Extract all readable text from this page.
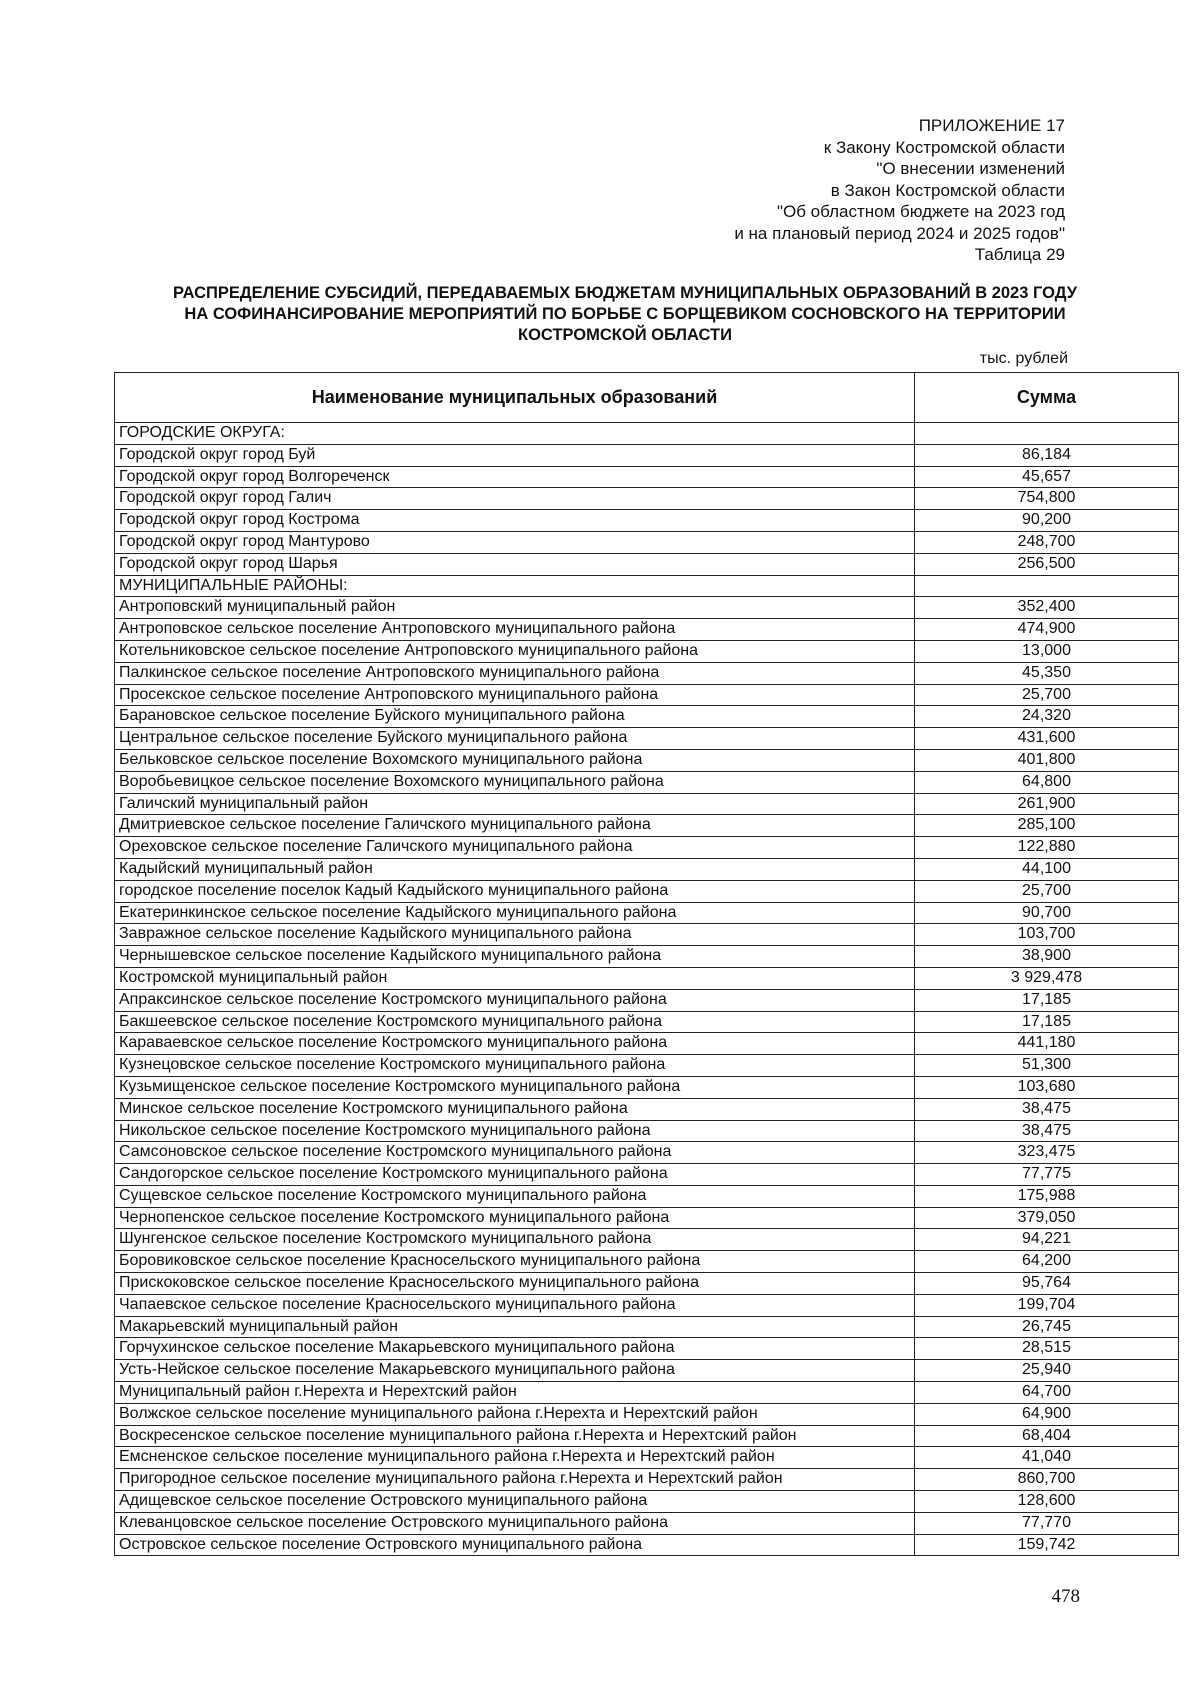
ПРИЛОЖЕНИЕ 17
к Закону Костромской области
"О внесении изменений
в Закон Костромской области
"Об областном бюджете на 2023 год
и на плановый период 2024 и 2025 годов"
Таблица 29
РАСПРЕДЕЛЕНИЕ СУБСИДИЙ, ПЕРЕДАВАЕМЫХ БЮДЖЕТАМ МУНИЦИПАЛЬНЫХ ОБРАЗОВАНИЙ В 2023 ГОДУ
НА СОФИНАНСИРОВАНИЕ МЕРОПРИЯТИЙ ПО БОРЬБЕ С БОРЩЕВИКОМ СОСНОВСКОГО НА ТЕРРИТОРИИ
КОСТРОМСКОЙ ОБЛАСТИ
тыс. рублей
Наименование муниципальных образований	Сумма
ГОРОДСКИЕ ОКРУГА:	
Городской округ город Буй	86,184
Городской округ город Волгореченск	45,657
Городской округ город Галич	754,800
Городской округ город Кострома	90,200
Городской округ город Мантурово	248,700
Городской округ город Шарья	256,500
МУНИЦИПАЛЬНЫЕ РАЙОНЫ:	
Антроповский муниципальный район	352,400
Антроповское сельское поселение Антроповского муниципального района	474,900
Котельниковское сельское поселение Антроповского муниципального района	13,000
Палкинское сельское поселение Антроповского муниципального района	45,350
Просекское сельское поселение Антроповского муниципального района	25,700
Барановское сельское поселение Буйского муниципального района	24,320
Центральное сельское поселение Буйского муниципального района	431,600
Бельковское сельское поселение Вохомского муниципального района	401,800
Воробьевицкое сельское поселение Вохомского муниципального района	64,800
Галичский муниципальный район	261,900
Дмитриевское сельское поселение Галичского муниципального района	285,100
Ореховское сельское поселение Галичского муниципального района	122,880
Кадыйский муниципальный район	44,100
городское поселение поселок Кадый Кадыйского муниципального района	25,700
Екатеринкинское сельское поселение Кадыйского муниципального района	90,700
Завражное сельское поселение Кадыйского муниципального района	103,700
Чернышевское сельское поселение Кадыйского муниципального района	38,900
Костромской муниципальный район	3 929,478
Апраксинское сельское поселение Костромского муниципального района	17,185
Бакшеевское сельское поселение Костромского муниципального района	17,185
Караваевское сельское поселение Костромского муниципального района	441,180
Кузнецовское сельское поселение Костромского муниципального района	51,300
Кузьмищенское сельское поселение Костромского муниципального района	103,680
Минское сельское поселение Костромского муниципального района	38,475
Никольское сельское поселение Костромского муниципального района	38,475
Самсоновское сельское поселение Костромского муниципального района	323,475
Сандогорское сельское поселение Костромского муниципального района	77,775
Сущевское сельское поселение Костромского муниципального района	175,988
Чернопенское сельское поселение Костромского муниципального района	379,050
Шунгенское сельское поселение Костромского муниципального района	94,221
Боровиковское сельское поселение Красносельского муниципального района	64,200
Прискоковское сельское поселение Красносельского муниципального района	95,764
Чапаевское сельское поселение Красносельского муниципального района	199,704
Макарьевский муниципальный район	26,745
Горчухинское сельское поселение Макарьевского муниципального района	28,515
Усть-Нейское сельское поселение Макарьевского муниципального района	25,940
Муниципальный район г.Нерехта и Нерехтский район	64,700
Волжское сельское поселение муниципального района г.Нерехта и Нерехтский район	64,900
Воскресенское сельское поселение муниципального района г.Нерехта и Нерехтский район	68,404
Емсненское сельское поселение муниципального района г.Нерехта и Нерехтский район	41,040
Пригородное сельское поселение муниципального района г.Нерехта и Нерехтский район	860,700
Адищевское сельское поселение Островского муниципального района	128,600
Клеванцовское сельское поселение Островского муниципального района	77,770
Островское сельское поселение Островского муниципального района	159,742
478
